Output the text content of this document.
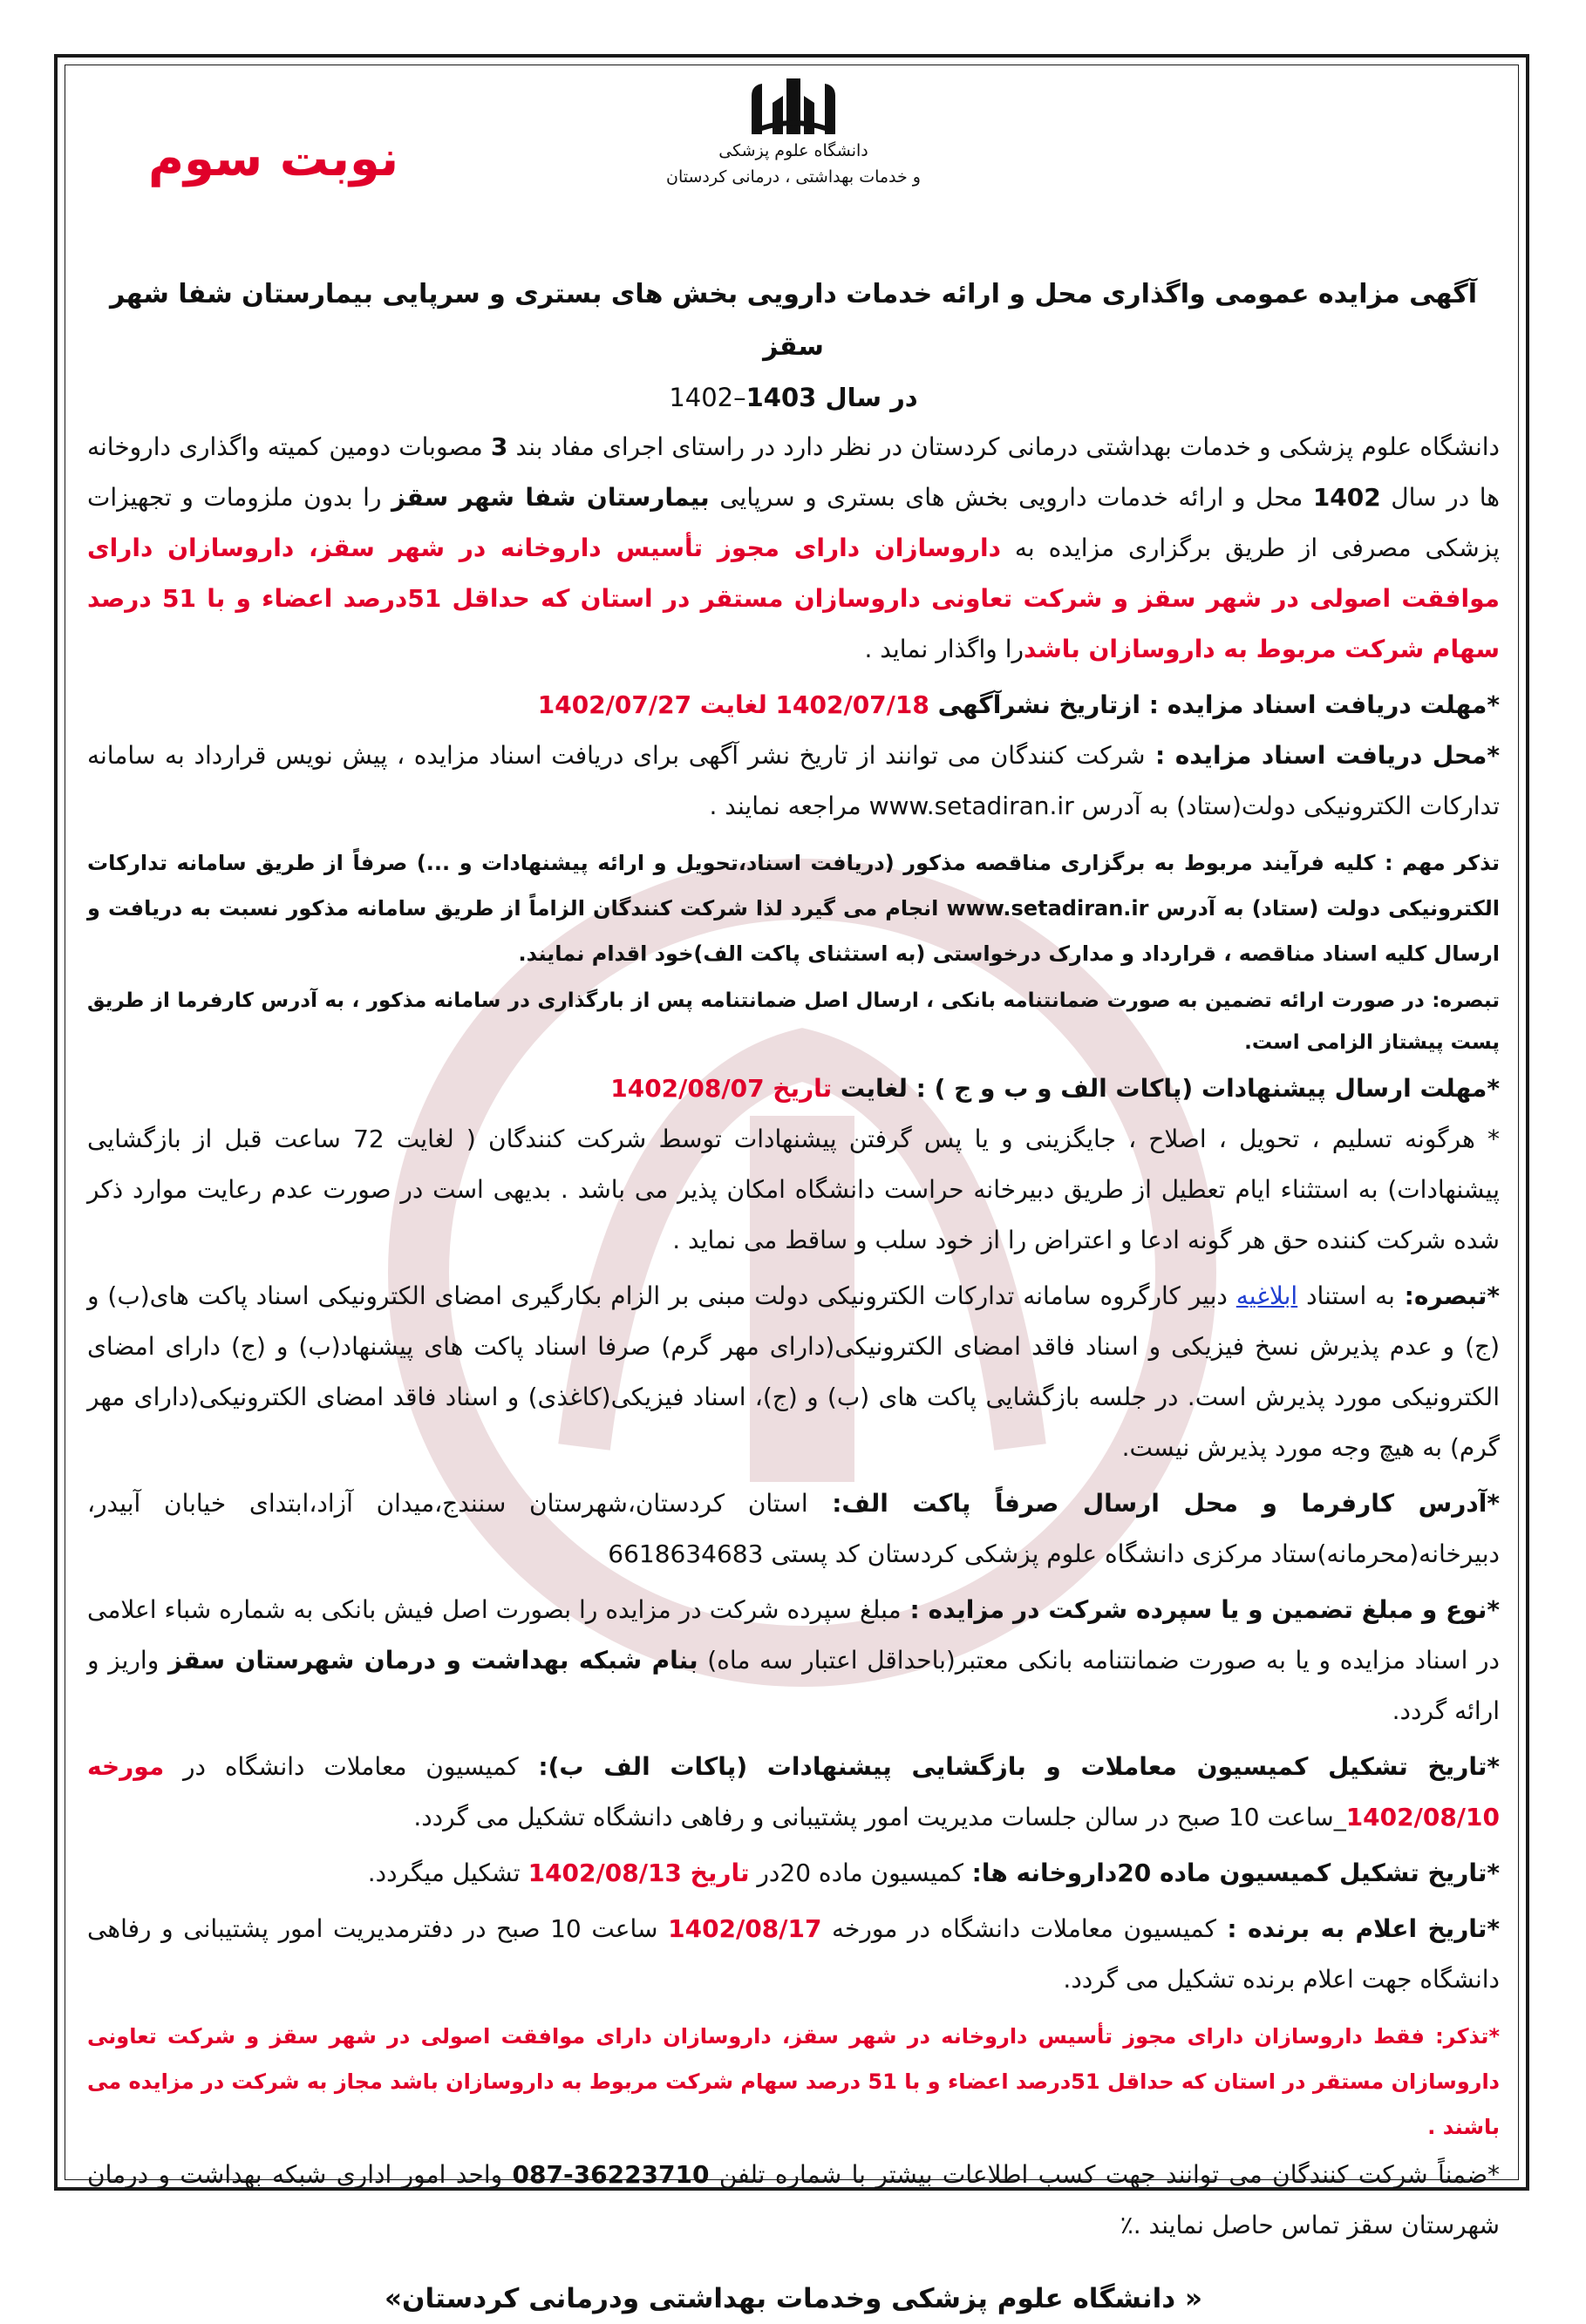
دانشگاه علوم پزشکی
و خدمات بهداشتی ، درمانی کردستان
نوبت سوم

آگهی مزایده عمومی واگذاری محل و ارائه خدمات دارویی بخش های بستری و سرپایی بیمارستان شفا شهر سقز

در سال 1403–1402

دانشگاه علوم پزشکی و خدمات بهداشتی درمانی کردستان در نظر دارد در راستای اجرای مفاد بند 3 مصوبات دومین کمیته واگذاری داروخانه ها در سال 1402 محل و ارائه خدمات دارویی بخش های بستری و سرپایی بیمارستان شفا شهر سقز را بدون ملزومات و تجهیزات پزشکی مصرفی از طریق برگزاری مزایده به داروسازان دارای مجوز تأسیس داروخانه در شهر سقز، داروسازان دارای موافقت اصولی در شهر سقز و شرکت تعاونی داروسازان مستقر در استان که حداقل 51درصد اعضاء و با 51 درصد سهام شرکت مربوط به داروسازان باشدرا واگذار نماید .

*مهلت دریافت اسناد مزایده : ازتاریخ نشرآگهی 1402/07/18 لغایت 1402/07/27

*محل دریافت اسناد مزایده : شرکت کنندگان می توانند از تاریخ نشر آگهی برای دریافت اسناد مزایده ، پیش نویس قرارداد به سامانه تدارکات الکترونیکی دولت(ستاد) به آدرس www.setadiran.ir مراجعه نمایند .

تذکر مهم : کلیه فرآیند مربوط به برگزاری مناقصه مذکور (دریافت اسناد،تحویل و ارائه پیشنهادات و ...) صرفاً از طریق سامانه تدارکات الکترونیکی دولت (ستاد) به آدرس www.setadiran.ir انجام می گیرد لذا شرکت کنندگان الزاماً از طریق سامانه مذکور نسبت به دریافت و ارسال کلیه اسناد مناقصه ، قرارداد و مدارک درخواستی (به استثنای پاکت الف)خود اقدام نمایند.

تبصره: در صورت ارائه تضمین به صورت ضمانتنامه بانکی ، ارسال اصل ضمانتنامه پس از بارگذاری در سامانه مذکور ، به آدرس کارفرما از طریق پست پیشتاز الزامی است.

*مهلت ارسال پیشنهادات (پاکات الف و ب و ج ) : لغایت تاریخ 1402/08/07

* هرگونه تسلیم ، تحویل ، اصلاح ، جایگزینی و یا پس گرفتن پیشنهادات توسط شرکت کنندگان ( لغایت 72 ساعت قبل از بازگشایی پیشنهادات) به استثناء ایام تعطیل از طریق دبیرخانه حراست دانشگاه امکان پذیر می باشد . بدیهی است در صورت عدم رعایت موارد ذکر شده شرکت کننده حق هر گونه ادعا و اعتراض را از خود سلب و ساقط می نماید .

*تبصره: به استناد ابلاغیه دبیر کارگروه سامانه تدارکات الکترونیکی دولت مبنی بر الزام بکارگیری امضای الکترونیکی اسناد پاکت های(ب) و (ج) و عدم پذیرش نسخ فیزیکی و اسناد فاقد امضای الکترونیکی(دارای مهر گرم) صرفا اسناد پاکت های پیشنهاد(ب) و (ج) دارای امضای الکترونیکی مورد پذیرش است. در جلسه بازگشایی پاکت های (ب) و (ج)، اسناد فیزیکی(کاغذی) و اسناد فاقد امضای الکترونیکی(دارای مهر گرم) به هیچ وجه مورد پذیرش نیست.

*آدرس کارفرما و محل ارسال صرفاً پاکت الف: استان کردستان،شهرستان سنندج،میدان آزاد،ابتدای خیابان آبیدر، دبیرخانه(محرمانه)ستاد مرکزی دانشگاه علوم پزشکی کردستان کد پستی 6618634683

*نوع و مبلغ تضمین و یا سپرده شرکت در مزایده : مبلغ سپرده شرکت در مزایده را بصورت اصل فیش بانکی به شماره شباء اعلامی در اسناد مزایده و یا به صورت ضمانتنامه بانکی معتبر(باحداقل اعتبار سه ماه) بنام شبکه بهداشت و درمان شهرستان سقز واریز و ارائه گردد.

*تاریخ تشکیل کمیسیون معاملات و بازگشایی پیشنهادات (پاکات الف ب): کمیسیون معاملات دانشگاه در مورخه 1402/08/10_ساعت 10 صبح در سالن جلسات مدیریت امور پشتیبانی و رفاهی دانشگاه تشکیل می گردد.

*تاریخ تشکیل کمیسیون ماده 20داروخانه ها: کمیسیون ماده 20در تاریخ 1402/08/13 تشکیل میگردد.

*تاریخ اعلام به برنده : کمیسیون معاملات دانشگاه در مورخه 1402/08/17 ساعت 10 صبح در دفترمدیریت امور پشتیبانی و رفاهی دانشگاه جهت اعلام برنده تشکیل می گردد.

*تذکر: فقط داروسازان دارای مجوز تأسیس داروخانه در شهر سقز، داروسازان دارای موافقت اصولی در شهر سقز و شرکت تعاونی داروسازان مستقر در استان که حداقل 51درصد اعضاء و با 51 درصد سهام شرکت مربوط به داروسازان باشد مجاز به شرکت در مزایده می باشند .

*ضمناً شرکت کنندگان می توانند جهت کسب اطلاعات بیشتر با شماره تلفن 087-36223710 واحد امور اداری شبکه بهداشت و درمان شهرستان سقز تماس حاصل نمایند .٪

« دانشگاه علوم پزشکی وخدمات بهداشتی ودرمانی کردستان»
